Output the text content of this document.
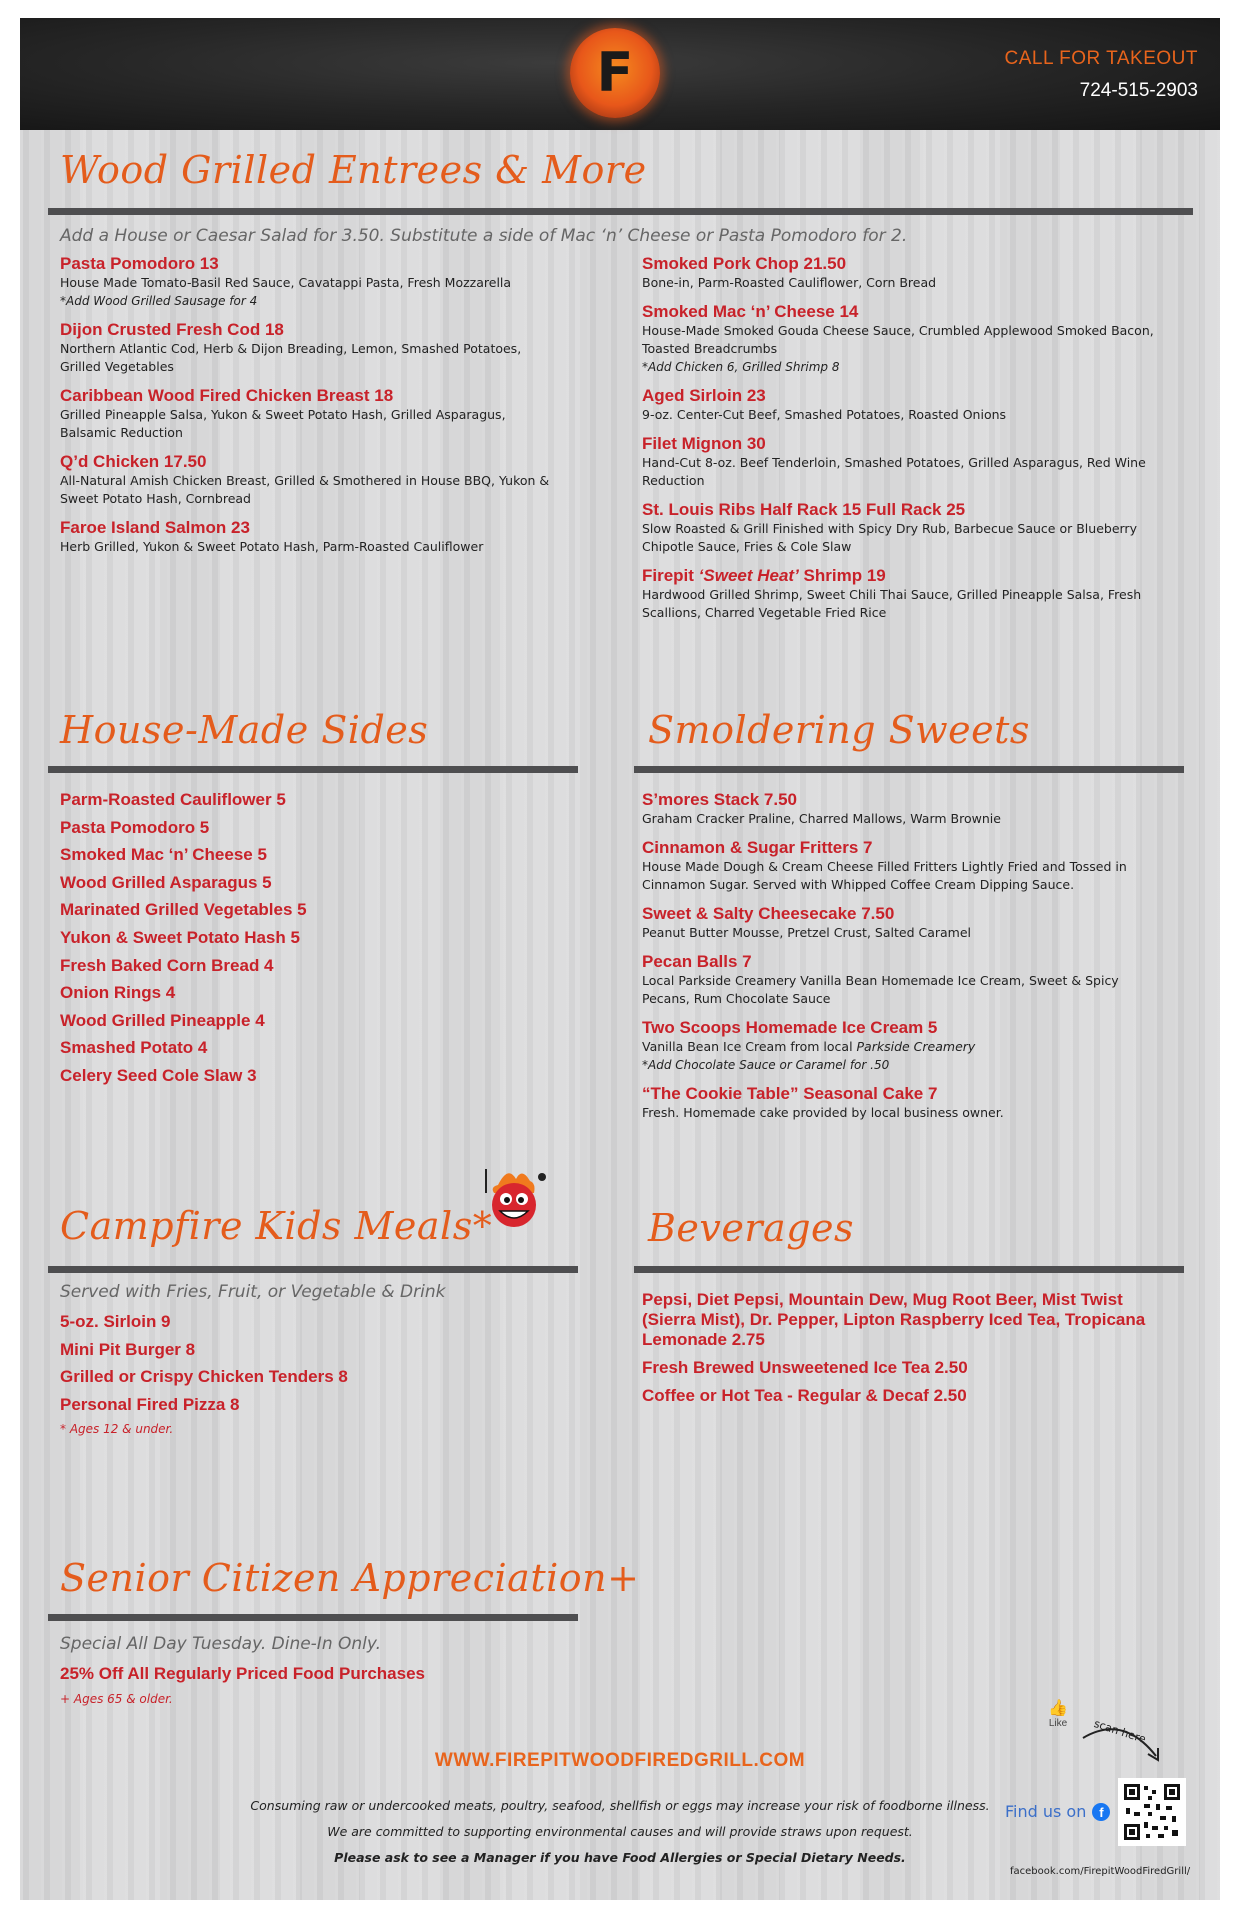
F	CALL FOR TAKEOUT
724-515-2903
Wood Grilled Entrees & More
Add a House or Caesar Salad for 3.50. Substitute a side of Mac ‘n’ Cheese or Pasta Pomodoro for 2.
Pasta Pomodoro 13
House Made Tomato-Basil Red Sauce, Cavatappi Pasta, Fresh Mozzarella
*Add Wood Grilled Sausage for 4
Dijon Crusted Fresh Cod 18
Northern Atlantic Cod, Herb & Dijon Breading, Lemon, Smashed Potatoes, Grilled Vegetables
Caribbean Wood Fired Chicken Breast 18
Grilled Pineapple Salsa, Yukon & Sweet Potato Hash, Grilled Asparagus, Balsamic Reduction
Q’d Chicken 17.50
All-Natural Amish Chicken Breast, Grilled & Smothered in House BBQ, Yukon & Sweet Potato Hash, Cornbread
Faroe Island Salmon 23
Herb Grilled, Yukon & Sweet Potato Hash, Parm-Roasted Cauliflower
Smoked Pork Chop 21.50
Bone-in, Parm-Roasted Cauliflower, Corn Bread
Smoked Mac ‘n’ Cheese 14
House-Made Smoked Gouda Cheese Sauce, Crumbled Applewood Smoked Bacon, Toasted Breadcrumbs
*Add Chicken 6, Grilled Shrimp 8
Aged Sirloin 23
9-oz. Center-Cut Beef, Smashed Potatoes, Roasted Onions
Filet Mignon 30
Hand-Cut 8-oz. Beef Tenderloin, Smashed Potatoes, Grilled Asparagus, Red Wine Reduction
St. Louis Ribs Half Rack 15 Full Rack 25
Slow Roasted & Grill Finished with Spicy Dry Rub, Barbecue Sauce or Blueberry Chipotle Sauce, Fries & Cole Slaw
Firepit ‘Sweet Heat’ Shrimp 19
Hardwood Grilled Shrimp, Sweet Chili Thai Sauce, Grilled Pineapple Salsa, Fresh Scallions, Charred Vegetable Fried Rice
House-Made Sides
Parm-Roasted Cauliflower 5
Pasta Pomodoro 5
Smoked Mac ‘n’ Cheese 5
Wood Grilled Asparagus 5
Marinated Grilled Vegetables 5
Yukon & Sweet Potato Hash 5
Fresh Baked Corn Bread 4
Onion Rings 4
Wood Grilled Pineapple 4
Smashed Potato 4
Celery Seed Cole Slaw 3
Smoldering Sweets
S’mores Stack 7.50
Graham Cracker Praline, Charred Mallows, Warm Brownie
Cinnamon & Sugar Fritters 7
House Made Dough & Cream Cheese Filled Fritters Lightly Fried and Tossed in Cinnamon Sugar. Served with Whipped Coffee Cream Dipping Sauce.
Sweet & Salty Cheesecake 7.50
Peanut Butter Mousse, Pretzel Crust, Salted Caramel
Pecan Balls 7
Local Parkside Creamery Vanilla Bean Homemade Ice Cream, Sweet & Spicy Pecans, Rum Chocolate Sauce
Two Scoops Homemade Ice Cream 5
Vanilla Bean Ice Cream from local Parkside Creamery
*Add Chocolate Sauce or Caramel for .50
“The Cookie Table” Seasonal Cake 7
Fresh. Homemade cake provided by local business owner.
Campfire Kids Meals*
Served with Fries, Fruit, or Vegetable & Drink
5-oz. Sirloin 9
Mini Pit Burger 8
Grilled or Crispy Chicken Tenders 8
Personal Fired Pizza 8
* Ages 12 & under.
Beverages
Pepsi, Diet Pepsi, Mountain Dew, Mug Root Beer, Mist Twist (Sierra Mist), Dr. Pepper, Lipton Raspberry Iced Tea, Tropicana Lemonade 2.75
Fresh Brewed Unsweetened Ice Tea 2.50
Coffee or Hot Tea - Regular & Decaf 2.50
Senior Citizen Appreciation+
Special All Day Tuesday. Dine-In Only.
25% Off All Regularly Priced Food Purchases
+ Ages 65 & older.
WWW.FIREPITWOODFIREDGRILL.COM
Consuming raw or undercooked meats, poultry, seafood, shellfish or eggs may increase your risk of foodborne illness.
We are committed to supporting environmental causes and will provide straws upon request.
Please ask to see a Manager if you have Food Allergies or Special Dietary Needs.
👍
Like	scan here
Find us on f
facebook.com/FirepitWoodFiredGrill/
